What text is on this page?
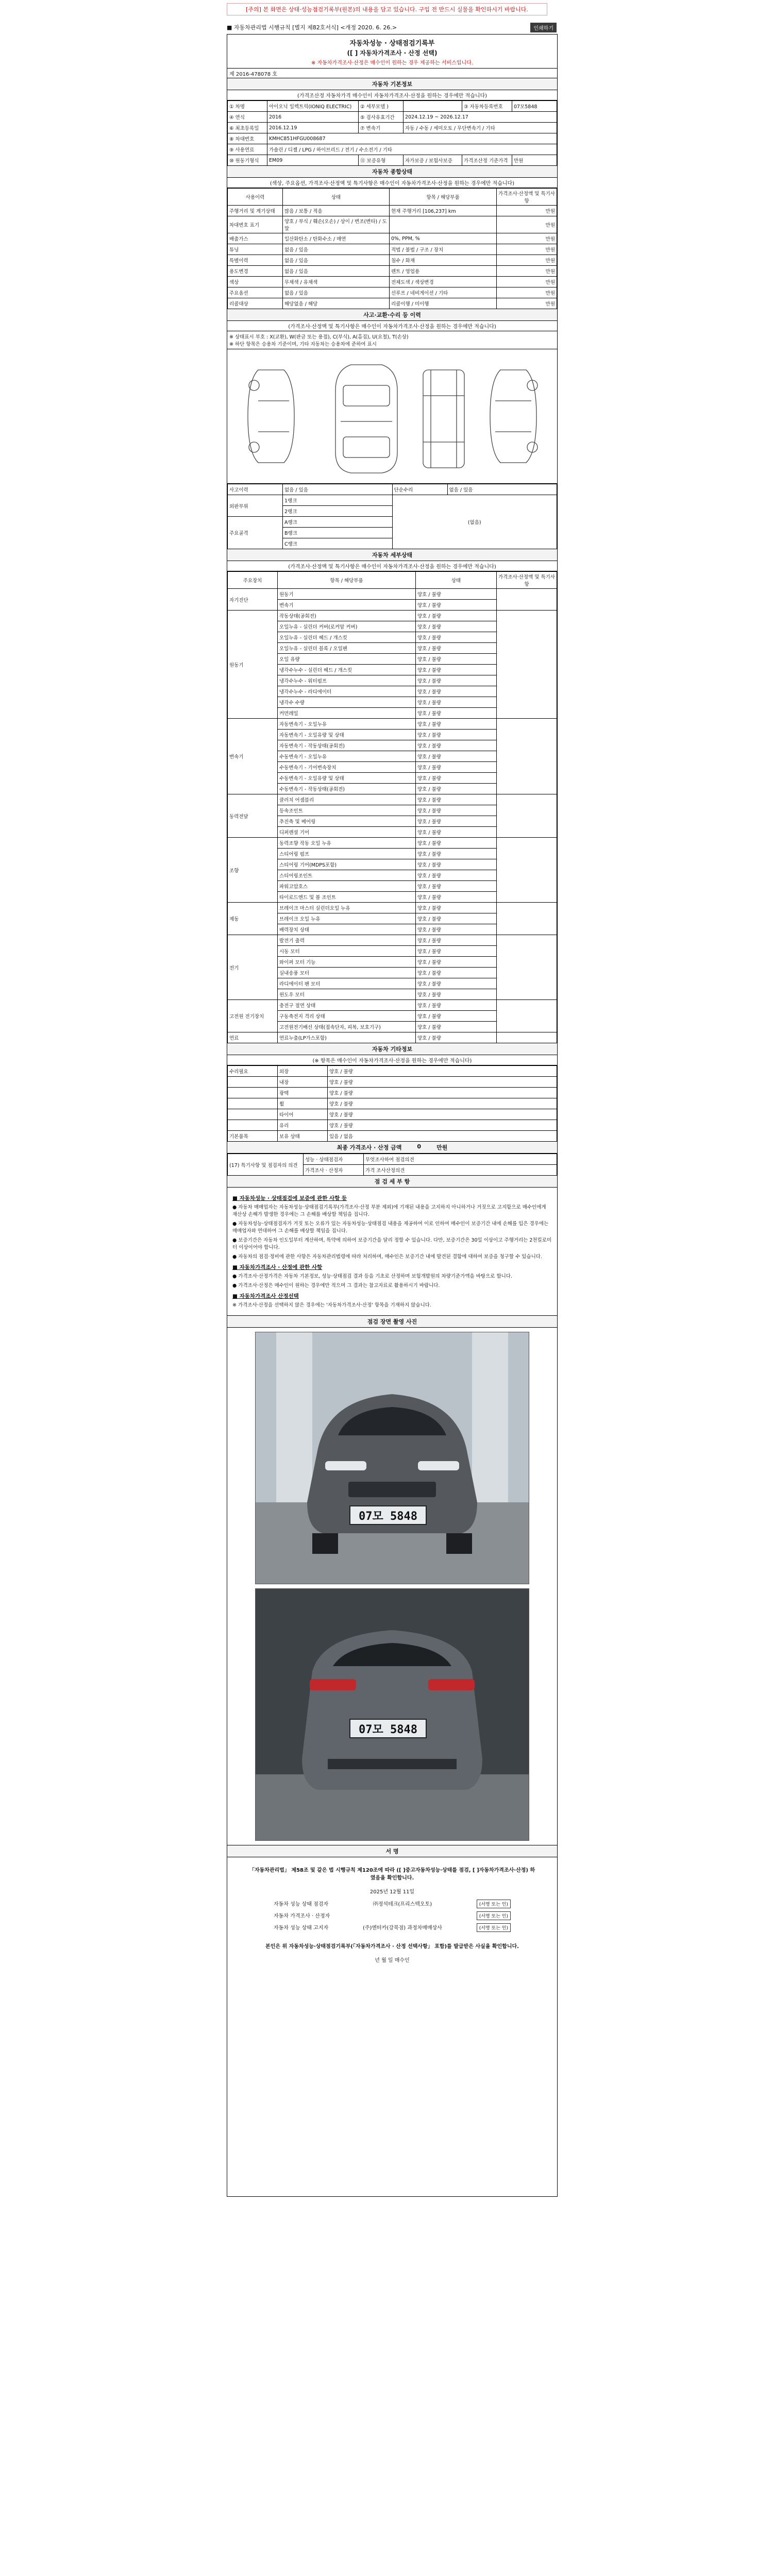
[주의] 본 화면은 상태·성능점검기록부(원본)의 내용을 담고 있습니다. 구입 전 반드시 실물을 확인하시기 바랍니다.
■ 자동차관리법 시행규칙 [별지 제82호서식] <개정 2020. 6. 26.>	인쇄하기
자동차성능 · 상태점검기록부
([ ] 자동차가격조사 · 산정 선택)
※ 자동차가격조사·산정은 매수인이 원하는 경우 제공하는 서비스입니다.
제 2016-478078 호
자동차 기본정보
(가격조산정 자동차가격 매수인이 자동차가격조사·산정을 원하는 경우에만 적습니다)
① 차명	아이오닉 일렉트릭(IONIQ ELECTRIC)	② 세부모델 )		③ 자동차등록번호	07모5848
④ 연식	2016	⑤ 검사유효기간	2024.12.19 ~ 2026.12.17		
⑥ 최초등록일	2016.12.19	⑦ 변속기	자동 / 수동 / 세미오토 / 무단변속기 / 기타		
⑧ 차대번호	KMHC851HFGU008687				
⑨ 사용연료	가솔린 / 디젤 / LPG / 하이브리드 / 전기 / 수소전기 / 기타				
⑩ 원동기형식	EM09	⑪ 보증유형	자가보증 / 보험사보증	가격조산정 기준가격	만원
자동차 종합상태
(색상, 주요옵션, 가격조사·산정액 및 특기사항은 매수인이 자동차가격조사·산정을 원하는 경우에만 적습니다)
사용이력	상태	항목 / 해당부품	가격조사·산정액 및 특기사항
주행거리 및 계기상태	많음 / 보통 / 적음	현재 주행거리 [106,237] km	만원
차대번호 표기	양호 / 부식 / 훼손(오손) / 상이 / 변조(변타) / 도말		만원
배출가스	일산화탄소 / 탄화수소 / 매연	0%, PPM, %	만원
튜닝	없음 / 있음	적법 / 불법 / 구조 / 장치	만원
특별이력	없음 / 있음	침수 / 화재	만원
용도변경	없음 / 있음	렌트 / 영업용	만원
색상	무채색 / 유채색	전체도색 / 색상변경	만원
주요옵션	없음 / 있음	선루프 / 네비게이션 / 기타	만원
리콜대상	해당없음 / 해당	리콜이행 / 미이행	만원
사고·교환·수리 등 이력
(가격조사·산정액 및 특기사항은 매수인이 자동차가격조사·산정을 원하는 경우에만 적습니다)
※ 상태표시 부호 : X(교환), W(판금 또는 용접), C(부식), A(흠집), U(요철), T(손상)
※ 하단 항목은 승용차 기준이며, 기타 자동차는 승용차에 준하여 표시
사고이력	없음 / 있음	단순수리	없음 / 있음
외판부위	1랭크	(없음)	
	2랭크		
주요골격	A랭크		
	B랭크		
	C랭크		
자동차 세부상태
(가격조사·산정액 및 특기사항은 매수인이 자동차가격조사·산정을 원하는 경우에만 적습니다)
주요장치	항목 / 해당부품	상태	가격조사·산정액 및 특기사항
자기진단	원동기	양호 / 불량	
	변속기	양호 / 불량	
원동기	작동상태(공회전)	양호 / 불량	
	오일누유 - 실린더 커버(로커암 커버)	양호 / 불량	
	오일누유 - 실린더 헤드 / 개스킷	양호 / 불량	
	오일누유 - 실린더 블록 / 오일팬	양호 / 불량	
	오일 유량	양호 / 불량	
	냉각수누수 - 실린더 헤드 / 개스킷	양호 / 불량	
	냉각수누수 - 워터펌프	양호 / 불량	
	냉각수누수 - 라디에이터	양호 / 불량	
	냉각수 수량	양호 / 불량	
	커먼레일	양호 / 불량	
변속기	자동변속기 - 오일누유	양호 / 불량	
	자동변속기 - 오일유량 및 상태	양호 / 불량	
	자동변속기 - 작동상태(공회전)	양호 / 불량	
	수동변속기 - 오일누유	양호 / 불량	
	수동변속기 - 기어변속장치	양호 / 불량	
	수동변속기 - 오일유량 및 상태	양호 / 불량	
	수동변속기 - 작동상태(공회전)	양호 / 불량	
동력전달	클러치 어셈블리	양호 / 불량	
	등속조인트	양호 / 불량	
	추진축 및 베어링	양호 / 불량	
	디퍼렌셜 기어	양호 / 불량	
조향	동력조향 작동 오일 누유	양호 / 불량	
	스티어링 펌프	양호 / 불량	
	스티어링 기어(MDPS포함)	양호 / 불량	
	스티어링조인트	양호 / 불량	
	파워고압호스	양호 / 불량	
	타이로드엔드 및 볼 조인트	양호 / 불량	
제동	브레이크 마스터 실린더오일 누유	양호 / 불량	
	브레이크 오일 누유	양호 / 불량	
	배력장치 상태	양호 / 불량	
전기	발전기 출력	양호 / 불량	
	시동 모터	양호 / 불량	
	와이퍼 모터 기능	양호 / 불량	
	실내송풍 모터	양호 / 불량	
	라디에이터 팬 모터	양호 / 불량	
	윈도우 모터	양호 / 불량	
고전원 전기장치	충전구 절연 상태	양호 / 불량	
	구동축전지 격리 상태	양호 / 불량	
	고전원전기배선 상태(접속단자, 피복, 보호기구)	양호 / 불량	
연료	연료누출(LP가스포함)	양호 / 불량	
자동차 기타정보
(※ 항목은 매수인이 자동차가격조사·산정을 원하는 경우에만 적습니다)
수리필요	외장	양호 / 불량
	내장	양호 / 불량
	광택	양호 / 불량
	휠	양호 / 불량
	타이어	양호 / 불량
	유리	양호 / 불량
기본품목	보유 상태	있음 / 없음
최종 가격조사 · 산정 금액	0	만원
(17) 특기사항 및 점검자의 의견	성능 · 상태점검자	무엇조사하여 점검의견
	가격조사 · 산정자	가격 조사산정의견
점 검 세 부 항
■ 자동차성능 · 상태점검에 보증에 관한 사항 등

● 자동차 매매업자는 자동차성능·상태점검기록부(가격조사·산정 부분 제외)에 기재된 내용을 고지하지 아니하거나 거짓으로 고지함으로 매수인에게 재산상 손해가 발생한 경우에는 그 손해를 배상할 책임을 집니다.

● 자동차성능·상태점검자가 거짓 또는 오류가 있는 자동차성능·상태점검 내용을 제공하여 이로 인하여 매수인이 보증기간 내에 손해를 입은 경우에는 매매업자와 연대하여 그 손해를 배상할 책임을 집니다.

● 보증기간은 자동차 인도일부터 계산하며, 특약에 의하여 보증기간을 달리 정할 수 있습니다. 다만, 보증기간은 30일 이상이고 주행거리는 2천킬로미터 이상이어야 합니다.

● 자동차의 점검·정비에 관한 사항은 자동차관리법령에 따라 처리하며, 매수인은 보증기간 내에 발견된 결함에 대하여 보증을 청구할 수 있습니다.

■ 자동차가격조사 · 산정에 관한 사항

● 가격조사·산정가격은 자동차 기본정보, 성능·상태점검 결과 등을 기초로 산정하며 보험개발원의 차량기준가액을 바탕으로 합니다.

● 가격조사·산정은 매수인이 원하는 경우에만 적으며 그 결과는 참고자료로 활용하시기 바랍니다.

■ 자동차가격조사 산정선택

※ 가격조사·산정을 선택하지 않은 경우에는 '자동차가격조사·산정' 항목을 기재하지 않습니다.

점검 장면 촬영 사진
07모 5848
07모 5848
서 명
「자동차관리법」 제58조 및 같은 법 시행규칙 제120조에 따라 ([ ]중고자동차성능·상태를 점검, [ ]자동차가격조사·산정) 하였음을 확인합니다.
2025년 12월 11일
자동차 성능 상태 점검자	㈜정석테크(프리스텍오토)	(서명 또는 인)
자동차 가격조사 · 산정자	(서명 또는 인)
자동차 성능 상태 고지자	(주)엔터카(강북점) 과정차매매상사	(서명 또는 인)
본인은 위 자동차성능·상태점검기록부(「자동차가격조사 · 산정 선택사항」 포함)를 발급받은 사실을 확인합니다.
년 월 일 매수인
